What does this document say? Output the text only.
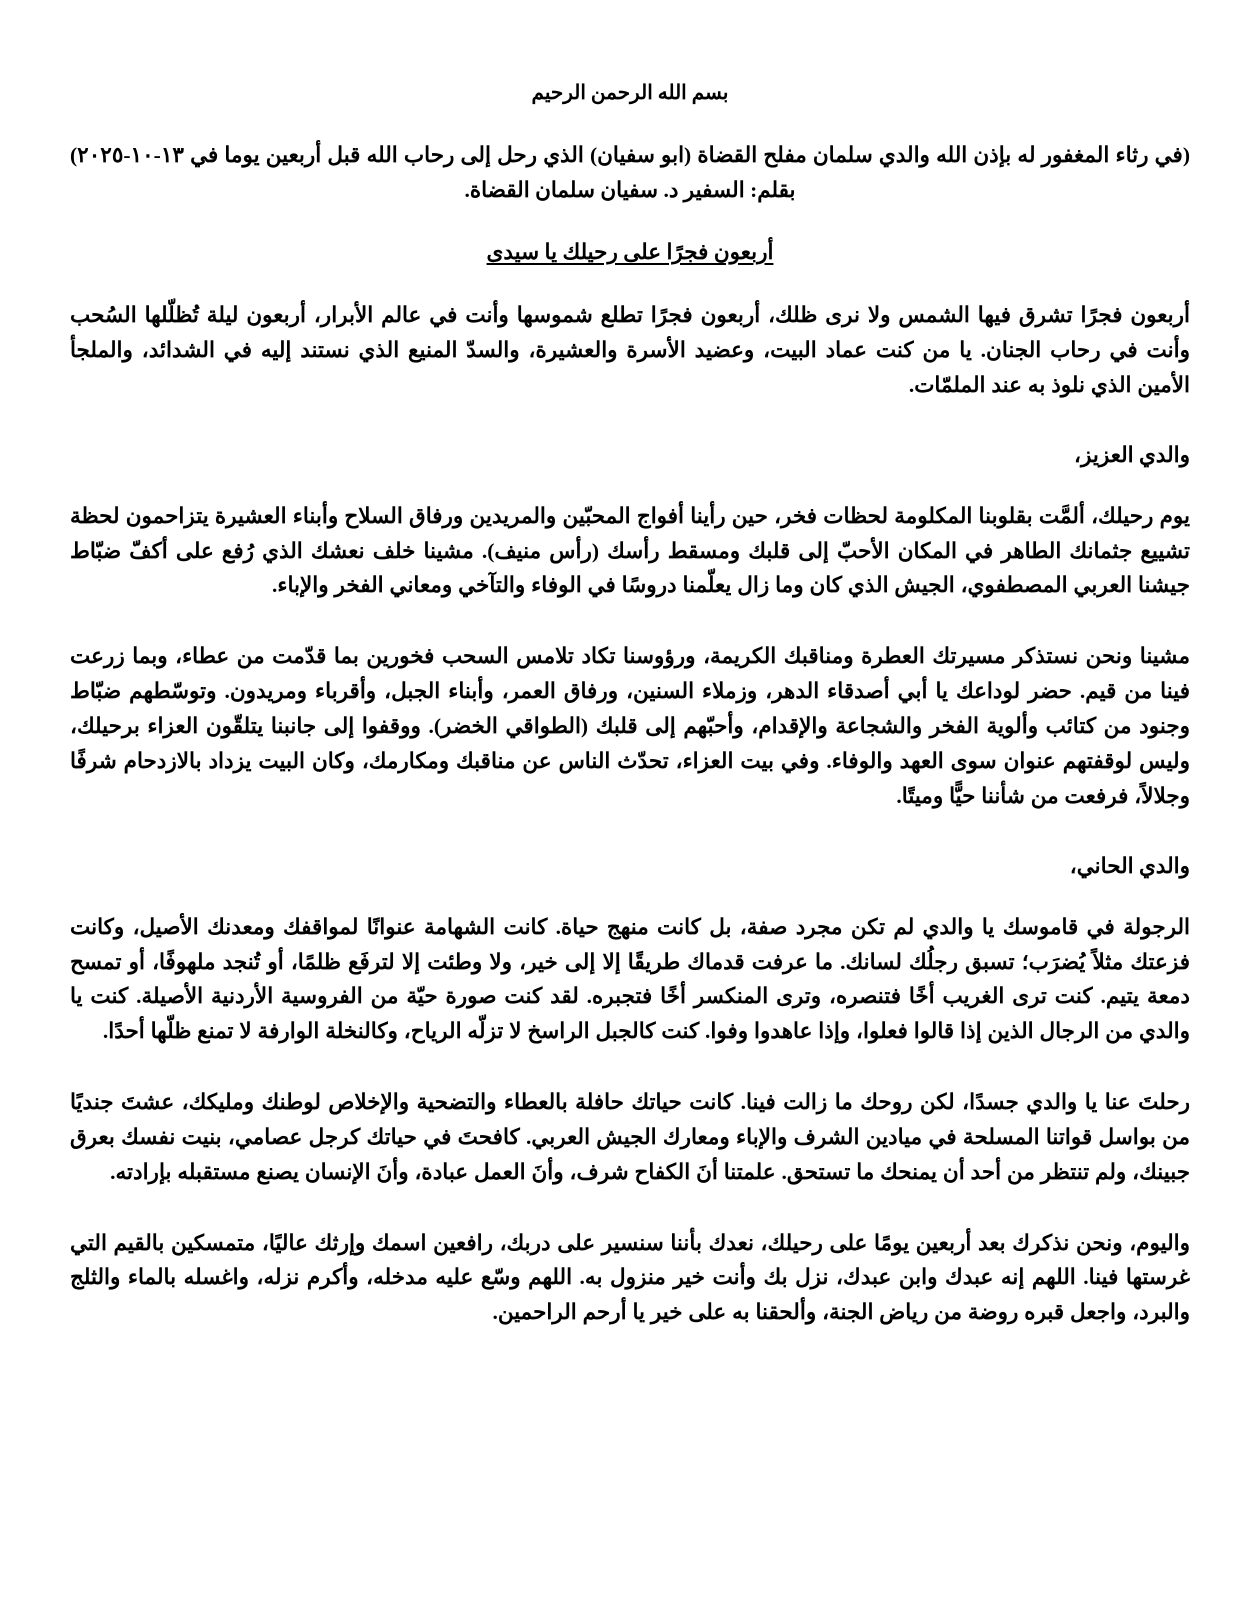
بسم الله الرحمن الرحيم
(في رثاء المغفور له بإذن الله والدي سلمان مفلح القضاة (ابو سفيان) الذي رحل إلى رحاب الله قبل أربعين يوما في ١٣-١٠-٢٠٢٥) بقلم: السفير د. سفيان سلمان القضاة.
أربعون فجرًا على رحيلك يا سيدى

أربعون فجرًا تشرق فيها الشمس ولا نرى ظلك، أربعون فجرًا تطلع شموسها وأنت في عالم الأبرار، أربعون ليلة تُظلّلها السُحب وأنت في رحاب الجنان. يا من كنت عماد البيت، وعضيد الأسرة والعشيرة، والسدّ المنيع الذي نستند إليه في الشدائد، والملجأ الأمين الذي نلوذ به عند الملمّات.

والدي العزيز،

يوم رحيلك، ألمَّت بقلوبنا المكلومة لحظات فخر، حين رأينا أفواج المحبّين والمريدين ورفاق السلاح وأبناء العشيرة يتزاحمون لحظة تشييع جثمانك الطاهر في المكان الأحبّ إلى قلبك ومسقط رأسك (رأس منيف). مشينا خلف نعشك الذي رُفع على أكفّ ضبّاط جيشنا العربي المصطفوي، الجيش الذي كان وما زال يعلّمنا دروسًا في الوفاء والتآخي ومعاني الفخر والإباء.

مشينا ونحن نستذكر مسيرتك العطرة ومناقبك الكريمة، ورؤوسنا تكاد تلامس السحب فخورين بما قدّمت من عطاء، وبما زرعت فينا من قيم. حضر لوداعك يا أبي أصدقاء الدهر، وزملاء السنين، ورفاق العمر، وأبناء الجبل، وأقرباء ومريدون. وتوسّطهم ضبّاط وجنود من كتائب وألوية الفخر والشجاعة والإقدام، وأحبّهم إلى قلبك (الطواقي الخضر). ووقفوا إلى جانبنا يتلقّون العزاء برحيلك، وليس لوقفتهم عنوان سوى العهد والوفاء. وفي بيت العزاء، تحدّث الناس عن مناقبك ومكارمك، وكان البيت يزداد بالازدحام شرفًا وجلالاً، فرفعت من شأننا حيًّا وميتًا.

والدي الحاني،

الرجولة في قاموسك يا والدي لم تكن مجرد صفة، بل كانت منهج حياة. كانت الشهامة عنوانًا لمواقفك ومعدنك الأصيل، وكانت فزعتك مثلاً يُضرَب؛ تسبق رجلُك لسانك. ما عرفت قدماك طريقًا إلا إلى خير، ولا وطئت إلا لترفَع ظلمًا، أو تُنجد ملهوفًا، أو تمسح دمعة يتيم. كنت ترى الغريب أخًا فتنصره، وترى المنكسر أخًا فتجبره. لقد كنت صورة حيّة من الفروسية الأردنية الأصيلة. كنت يا والدي من الرجال الذين إذا قالوا فعلوا، وإذا عاهدوا وفوا. كنت كالجبل الراسخ لا تزلّه الرياح، وكالنخلة الوارفة لا تمنع ظلّها أحدًا.

رحلتَ عنا يا والدي جسدًا، لكن روحك ما زالت فينا. كانت حياتك حافلة بالعطاء والتضحية والإخلاص لوطنك ومليكك، عشتَ جنديًا من بواسل قواتنا المسلحة في ميادين الشرف والإباء ومعارك الجيش العربي. كافحتَ في حياتك كرجل عصامي، بنيت نفسك بعرق جبينك، ولم تنتظر من أحد أن يمنحك ما تستحق. علمتنا أنَ الكفاح شرف، وأنَ العمل عبادة، وأنَ الإنسان يصنع مستقبله بإرادته.

واليوم، ونحن نذكرك بعد أربعين يومًا على رحيلك، نعدك بأننا سنسير على دربك، رافعين اسمك وإرثك عاليًا، متمسكين بالقيم التي غرستها فينا. اللهم إنه عبدك وابن عبدك، نزل بك وأنت خير منزول به. اللهم وسّع عليه مدخله، وأكرم نزله، واغسله بالماء والثلج والبرد، واجعل قبره روضة من رياض الجنة، وألحقنا به على خير يا أرحم الراحمين.
